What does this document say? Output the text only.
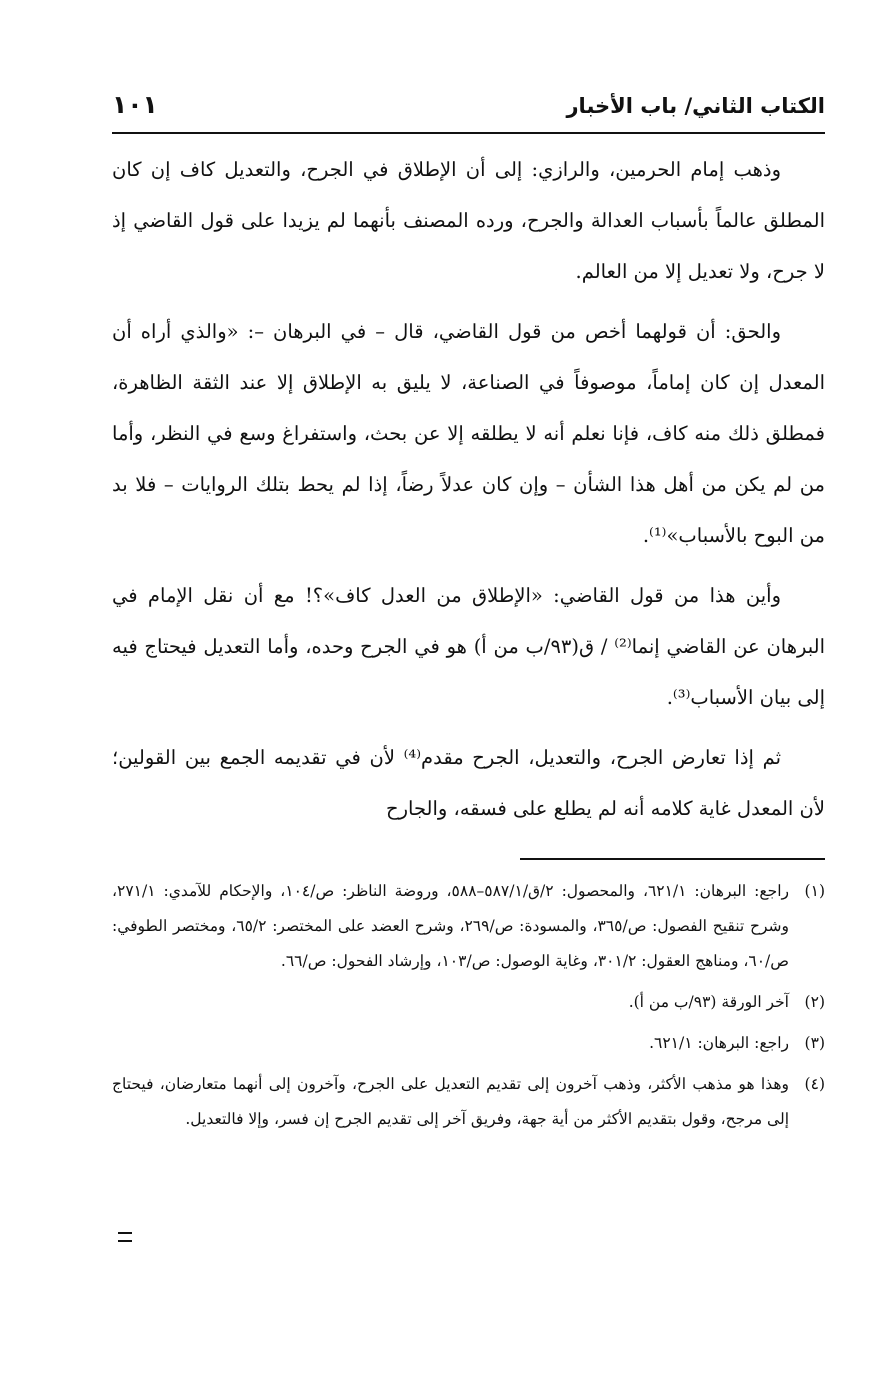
الكتاب الثاني/ باب الأخبار
١٠١

وذهب إمام الحرمين، والرازي: إلى أن الإطلاق في الجرح، والتعديل كاف إن كان المطلق عالماً بأسباب العدالة والجرح، ورده المصنف بأنهما لم يزيدا على قول القاضي إذ لا جرح، ولا تعديل إلا من العالم.

والحق: أن قولهما أخص من قول القاضي، قال – في البرهان –: «والذي أراه أن المعدل إن كان إماماً، موصوفاً في الصناعة، لا يليق به الإطلاق إلا عند الثقة الظاهرة، فمطلق ذلك منه كاف، فإنا نعلم أنه لا يطلقه إلا عن بحث، واستفراغ وسع في النظر، وأما من لم يكن من أهل هذا الشأن – وإن كان عدلاً رضاً، إذا لم يحط بتلك الروايات – فلا بد من البوح بالأسباب»⁽¹⁾.

وأين هذا من قول القاضي: «الإطلاق من العدل كاف»؟! مع أن نقل الإمام في البرهان عن القاضي إنما⁽²⁾ / ق(٩٣/ب من أ) هو في الجرح وحده، وأما التعديل فيحتاج فيه إلى بيان الأسباب⁽³⁾.

ثم إذا تعارض الجرح، والتعديل، الجرح مقدم⁽⁴⁾ لأن في تقديمه الجمع بين القولين؛ لأن المعدل غاية كلامه أنه لم يطلع على فسقه، والجارح

(١)
راجع: البرهان: ٦٢١/١، والمحصول: ٢/ق/٥٨٧/١–٥٨٨، وروضة الناظر: ص/١٠٤، والإحكام للآمدي: ٢٧١/١، وشرح تنقيح الفصول: ص/٣٦٥، والمسودة: ص/٢٦٩، وشرح العضد على المختصر: ٦٥/٢، ومختصر الطوفي: ص/٦٠، ومناهج العقول: ٣٠١/٢، وغاية الوصول: ص/١٠٣، وإرشاد الفحول: ص/٦٦.
(٢)
آخر الورقة (٩٣/ب من أ).
(٣)
راجع: البرهان: ٦٢١/١.
(٤)
وهذا هو مذهب الأكثر، وذهب آخرون إلى تقديم التعديل على الجرح، وآخرون إلى أنهما متعارضان، فيحتاج إلى مرجح، وقول بتقديم الأكثر من أية جهة، وفريق آخر إلى تقديم الجرح إن فسر، وإلا فالتعديل.
